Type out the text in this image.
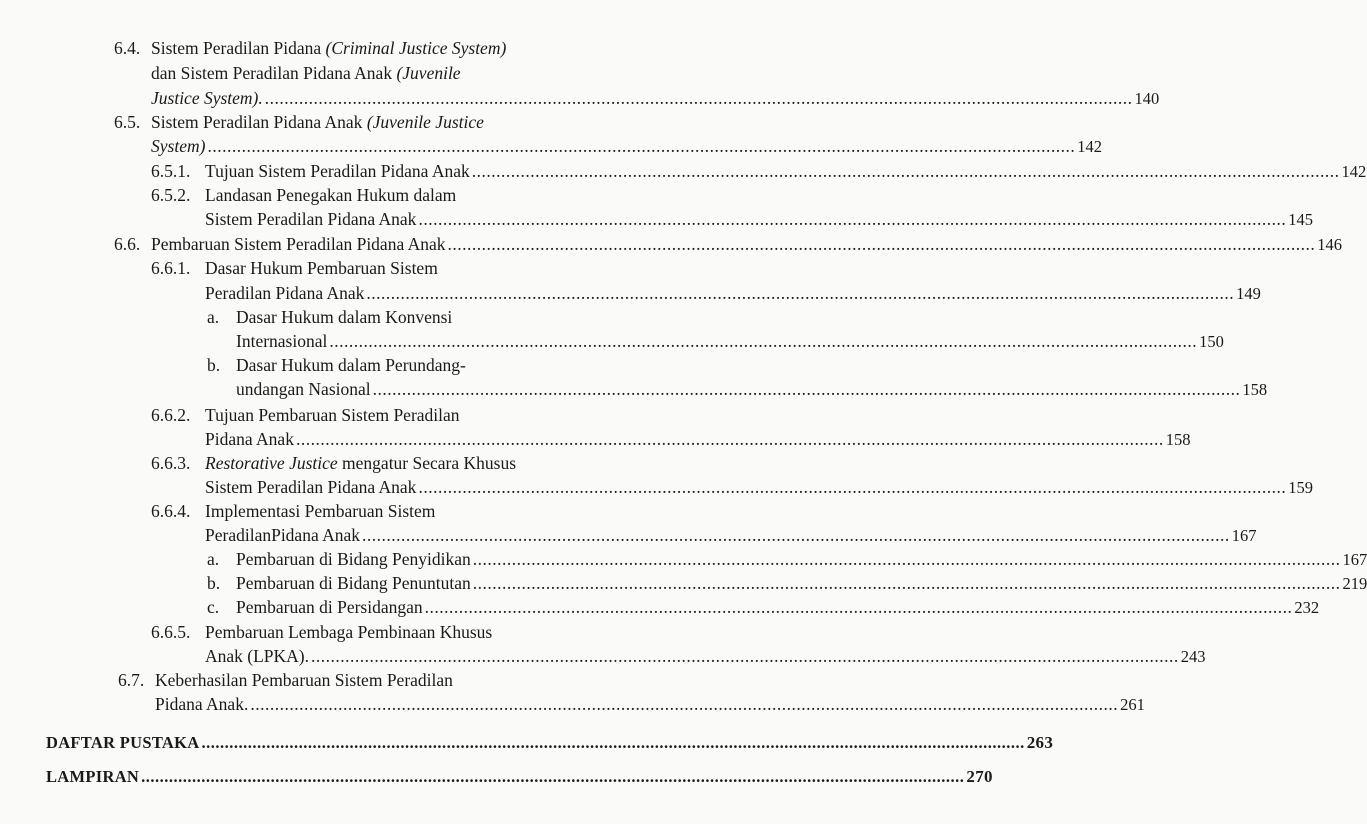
6.4. Sistem Peradilan Pidana (Criminal Justice System)
dan Sistem Peradilan Pidana Anak (Juvenile
Justice System). .....	140
6.5. Sistem Peradilan Pidana Anak (Juvenile Justice
System) .....	142
6.5.1. Tujuan Sistem Peradilan Pidana Anak .....	142
6.5.2. Landasan Penegakan Hukum dalam
Sistem Peradilan Pidana Anak .....	145
6.6. Pembaruan Sistem Peradilan Pidana Anak .....	146
6.6.1. Dasar Hukum Pembaruan Sistem
Peradilan Pidana Anak .....	149
a. Dasar Hukum dalam Konvensi
Internasional .....	150
b. Dasar Hukum dalam Perundang-
undangan Nasional .....	158
6.6.2. Tujuan Pembaruan Sistem Peradilan
Pidana Anak .....	158
6.6.3. Restorative Justice mengatur Secara Khusus
Sistem Peradilan Pidana Anak .....	159
6.6.4. Implementasi Pembaruan Sistem
PeradilanPidana Anak .....	167
a. Pembaruan di Bidang Penyidikan .....	167
b. Pembaruan di Bidang Penuntutan .....	219
c. Pembaruan di Persidangan .....	232
6.6.5. Pembaruan Lembaga Pembinaan Khusus
Anak (LPKA). .....	243
6.7. Keberhasilan Pembaruan Sistem Peradilan
Pidana Anak. .....	261
DAFTAR PUSTAKA .....	263
LAMPIRAN .....	270
